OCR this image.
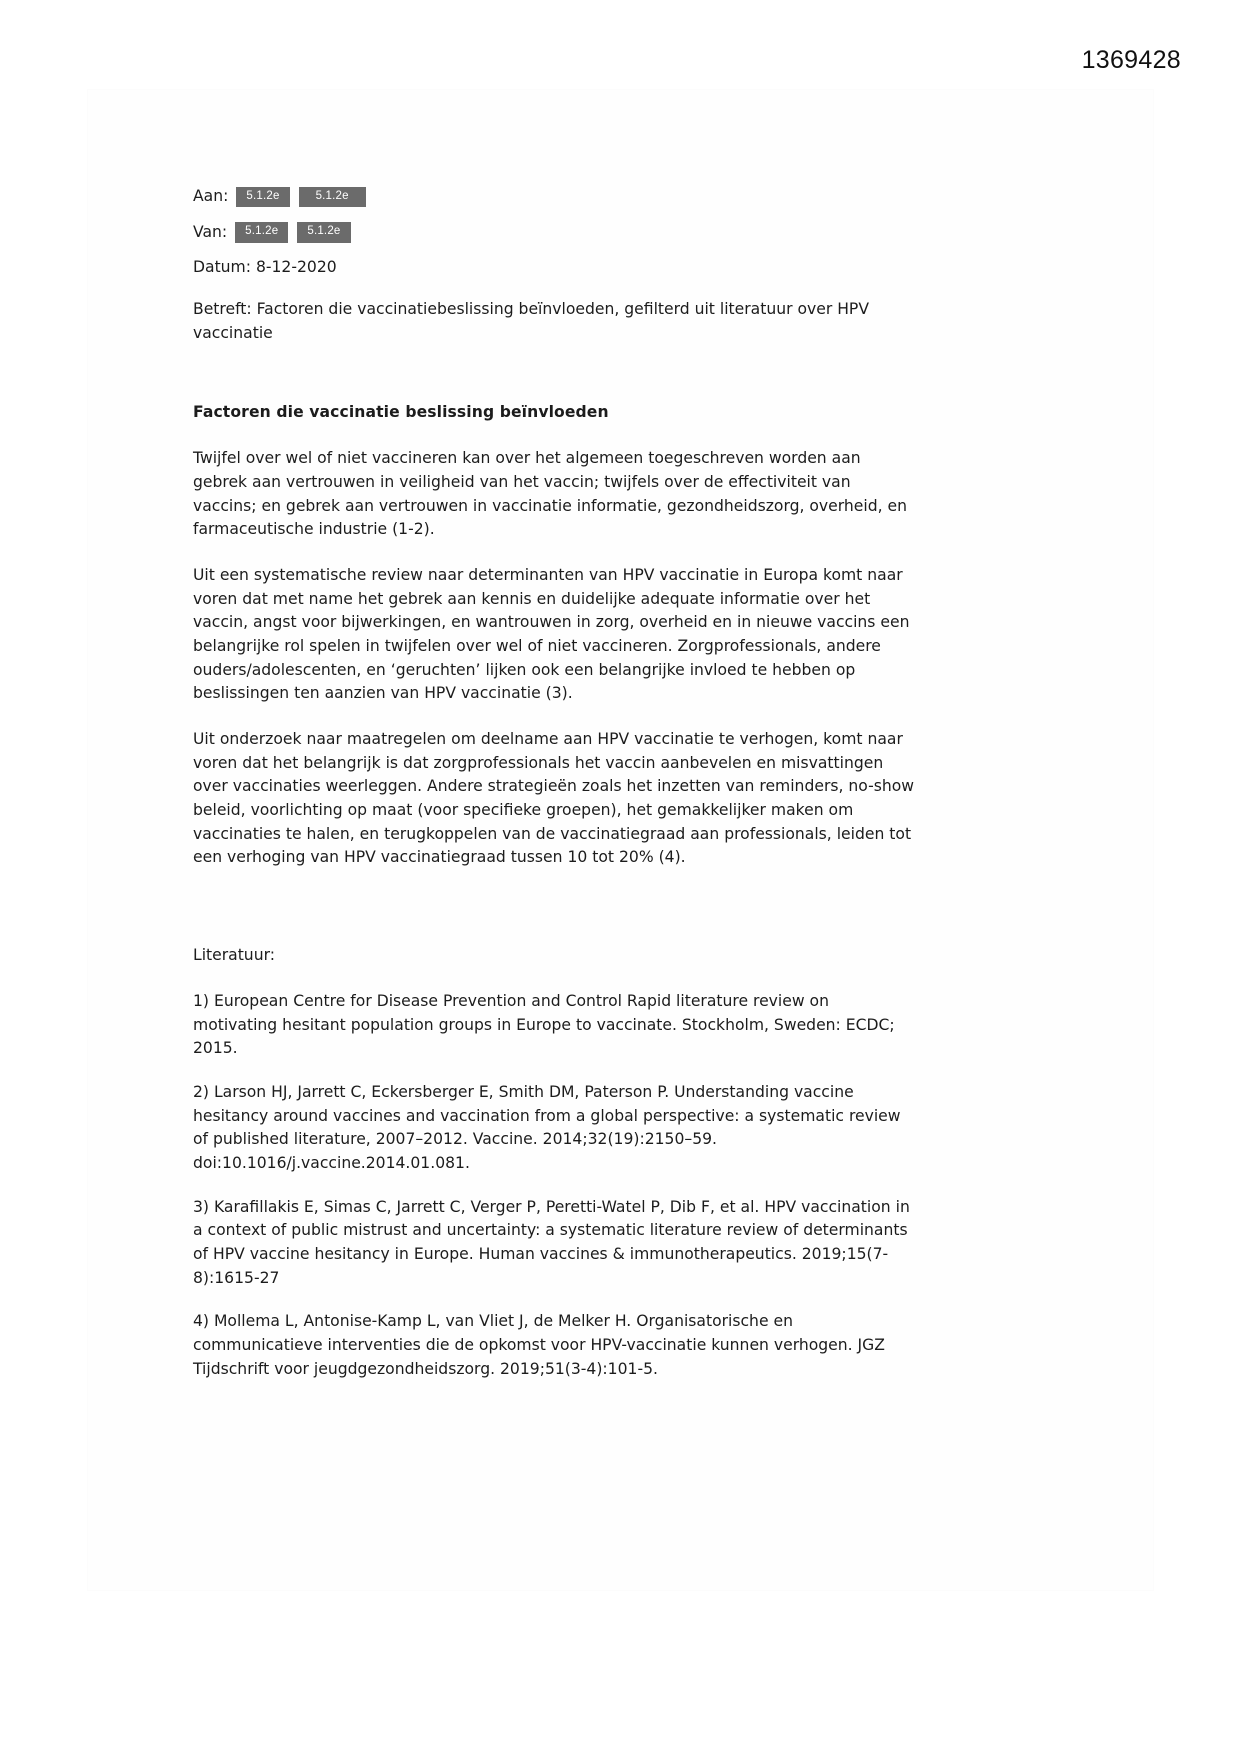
1369428
Aan:	5.1.2e	5.1.2e
Van:	5.1.2e	5.1.2e
Datum: 8-12-2020
Betreft: Factoren die vaccinatiebeslissing beïnvloeden, gefilterd uit literatuur over HPV vaccinatie
Factoren die vaccinatie beslissing beïnvloeden

Twijfel over wel of niet vaccineren kan over het algemeen toegeschreven worden aan gebrek aan vertrouwen in veiligheid van het vaccin; twijfels over de effectiviteit van vaccins; en gebrek aan vertrouwen in vaccinatie informatie, gezondheidszorg, overheid, en farmaceutische industrie (1-2).

Uit een systematische review naar determinanten van HPV vaccinatie in Europa komt naar voren dat met name het gebrek aan kennis en duidelijke adequate informatie over het vaccin, angst voor bijwerkingen, en wantrouwen in zorg, overheid en in nieuwe vaccins een belangrijke rol spelen in twijfelen over wel of niet vaccineren. Zorgprofessionals, andere ouders/adolescenten, en ‘geruchten’ lijken ook een belangrijke invloed te hebben op beslissingen ten aanzien van HPV vaccinatie (3).

Uit onderzoek naar maatregelen om deelname aan HPV vaccinatie te verhogen, komt naar voren dat het belangrijk is dat zorgprofessionals het vaccin aanbevelen en misvattingen over vaccinaties weerleggen. Andere strategieën zoals het inzetten van reminders, no-show beleid, voorlichting op maat (voor specifieke groepen), het gemakkelijker maken om vaccinaties te halen, en terugkoppelen van de vaccinatiegraad aan professionals, leiden tot een verhoging van HPV vaccinatiegraad tussen 10 tot 20% (4).

Literatuur:

1) European Centre for Disease Prevention and Control Rapid literature review on motivating hesitant population groups in Europe to vaccinate. Stockholm, Sweden: ECDC; 2015.

2) Larson HJ, Jarrett C, Eckersberger E, Smith DM, Paterson P. Understanding vaccine hesitancy around vaccines and vaccination from a global perspective: a systematic review of published literature, 2007–2012. Vaccine. 2014;32(19):2150–59. doi:10.1016/j.vaccine.2014.01.081.

3) Karafillakis E, Simas C, Jarrett C, Verger P, Peretti-Watel P, Dib F, et al. HPV vaccination in a context of public mistrust and uncertainty: a systematic literature review of determinants of HPV vaccine hesitancy in Europe. Human vaccines & immunotherapeutics. 2019;15(7-8):1615-27

4) Mollema L, Antonise-Kamp L, van Vliet J, de Melker H. Organisatorische en communicatieve interventies die de opkomst voor HPV-vaccinatie kunnen verhogen. JGZ Tijdschrift voor jeugdgezondheidszorg. 2019;51(3-4):101-5.
